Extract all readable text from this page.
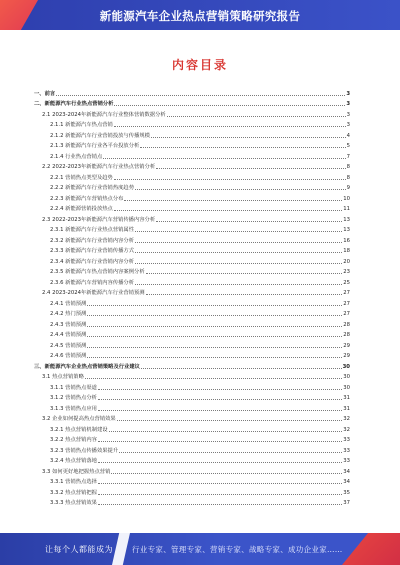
新能源汽车企业热点营销策略研究报告
内容目录
一、前言	3
二、新能源汽车行业热点营销分析	3
2.1 2023-2024年新能源汽车行业整体营销数据分析	3
2.1.1 新能源汽车热点营销	3
2.1.2 新能源汽车行业营销投放与传播规模	4
2.1.3 新能源汽车行业各平台投放分析	5
2.1.4 行业热点营销点	7
2.2 2022-2023年新能源汽车行业热点营销分析	8
2.2.1 营销热点类型及趋势	8
2.2.2 新能源汽车行业营销热度趋势	9
2.2.3 新能源汽车营销热点分布	10
2.2.4 新能源营销投放热点	11
2.3 2022-2023年新能源汽车营销传播内容分析	13
2.3.1 新能源汽车行业热点营销属性	13
2.3.2 新能源汽车行业营销内容分析	16
2.3.3 新能源汽车行业营销传播方式	18
2.3.4 新能源汽车行业营销内容分析	20
2.3.5 新能源汽车热点营销内容案例分析	23
2.3.6 新能源汽车营销内容传播分析	25
2.4 2023-2024年新能源汽车行业营销预测	27
2.4.1 营销预测	27
2.4.2 热门预测	27
2.4.3 营销预测	28
2.4.4 营销预测	28
2.4.5 营销预测	29
2.4.6 营销预测	29
三、新能源汽车企业热点营销策略及行业建议	30
3.1 热点营销策略	30
3.1.1 营销热点渠道	30
3.1.2 营销热点分析	31
3.1.3 营销热点应用	31
3.2 企业如何提高热点营销效果	32
3.2.1 热点营销机制建设	32
3.2.2 热点营销内容	33
3.2.3 营销热点传播效果提升	33
3.2.4 热点营销落地	33
3.3 如何更好地把握热点营销	34
3.3.1 营销热点选择	34
3.3.2 热点营销把握	35
3.3.3 热点营销效果	37
让每个人都能成为	行业专家、管理专家、营销专家、战略专家、成功企业家……
